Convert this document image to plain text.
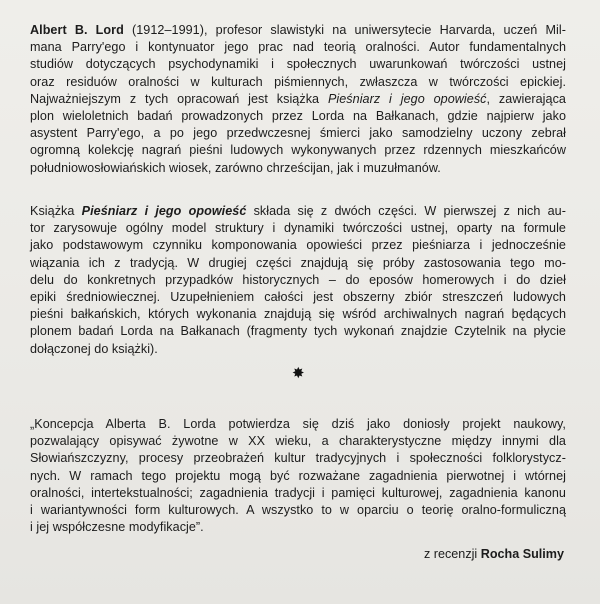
Albert B. Lord (1912–1991), profesor slawistyki na uniwersytecie Harvarda, uczeń Mil-
mana Parry'ego i kontynuator jego prac nad teorią oralności. Autor fundamentalnych
studiów dotyczących psychodynamiki i społecznych uwarunkowań twórczości ustnej
oraz residuów oralności w kulturach piśmiennych, zwłaszcza w twórczości epickiej.
Najważniejszym z tych opracowań jest książka Pieśniarz i jego opowieść, zawierająca
plon wieloletnich badań prowadzonych przez Lorda na Bałkanach, gdzie najpierw jako
asystent Parry'ego, a po jego przedwczesnej śmierci jako samodzielny uczony zebrał
ogromną kolekcję nagrań pieśni ludowych wykonywanych przez rdzennych mieszkańców
południowosłowiańskich wiosek, zarówno chrześcijan, jak i muzułmanów.
Książka Pieśniarz i jego opowieść składa się z dwóch części. W pierwszej z nich au-
tor zarysowuje ogólny model struktury i dynamiki twórczości ustnej, oparty na formule
jako podstawowym czynniku komponowania opowieści przez pieśniarza i jednocześnie
wiązania ich z tradycją. W drugiej części znajdują się próby zastosowania tego mo-
delu do konkretnych przypadków historycznych – do eposów homerowych i do dzieł
epiki średniowiecznej. Uzupełnieniem całości jest obszerny zbiór streszczeń ludowych
pieśni bałkańskich, których wykonania znajdują się wśród archiwalnych nagrań będących
plonem badań Lorda na Bałkanach (fragmenty tych wykonań znajdzie Czytelnik na płycie
dołączonej do książki).
✸
„Koncepcja Alberta B. Lorda potwierdza się dziś jako doniosły projekt naukowy,
pozwalający opisywać żywotne w XX wieku, a charakterystyczne między innymi dla
Słowiańszczyzny, procesy przeobrażeń kultur tradycyjnych i społeczności folklorystycz-
nych. W ramach tego projektu mogą być rozważane zagadnienia pierwotnej i wtórnej
oralności, intertekstualności; zagadnienia tradycji i pamięci kulturowej, zagadnienia kanonu
i wariantywności form kulturowych. A wszystko to w oparciu o teorię oralno-formuliczną
i jej współczesne modyfikacje”.
z recenzji Rocha Sulimy
